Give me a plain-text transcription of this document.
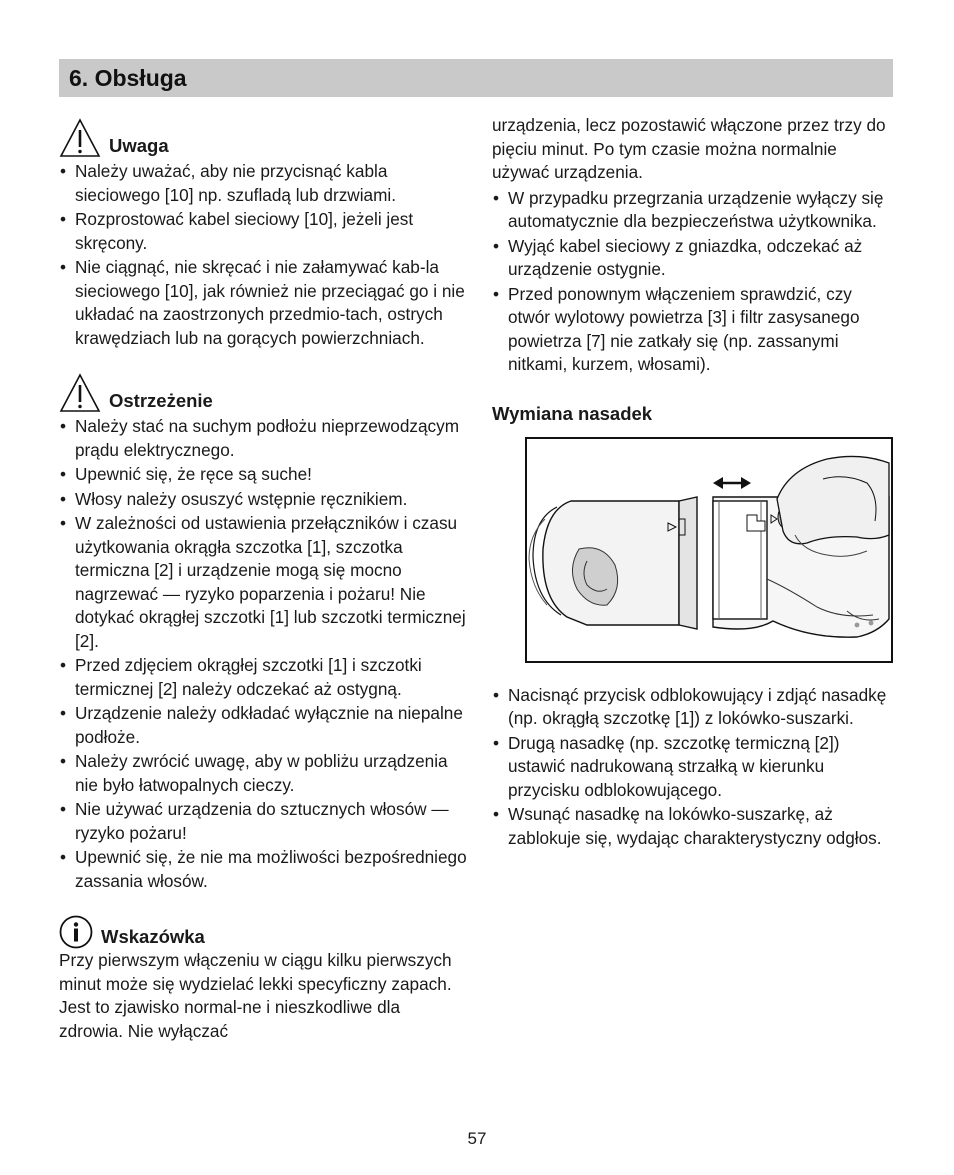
6. Obsługa
Uwaga
• Należy uważać, aby nie przycisnąć kabla sieciowego [10] np. szufladą lub drzwiami.
• Rozprostować kabel sieciowy [10], jeżeli jest skręcony.
• Nie ciągnąć, nie skręcać i nie załamywać kab-la sieciowego [10], jak również nie przeciągać go i nie układać na zaostrzonych przedmio-tach, ostrych krawędziach lub na gorących powierzchniach.
Ostrzeżenie
• Należy stać na suchym podłożu nieprzewodzącym prądu elektrycznego.
• Upewnić się, że ręce są suche!
• Włosy należy osuszyć wstępnie ręcznikiem.
• W zależności od ustawienia przełączników i czasu użytkowania okrągła szczotka [1], szczotka termiczna [2] i urządzenie mogą się mocno nagrzewać — ryzyko poparzenia i pożaru! Nie dotykać okrągłej szczotki [1] lub szczotki termicznej [2].
• Przed zdjęciem okrągłej szczotki [1] i szczotki termicznej [2] należy odczekać aż ostygną.
• Urządzenie należy odkładać wyłącznie na niepalne podłoże.
• Należy zwrócić uwagę, aby w pobliżu urządzenia nie było łatwopalnych cieczy.
• Nie używać urządzenia do sztucznych włosów — ryzyko pożaru!
• Upewnić się, że nie ma możliwości bezpośredniego zassania włosów.
Wskazówka

Przy pierwszym włączeniu w ciągu kilku pierwszych minut może się wydzielać lekki specyficzny zapach. Jest to zjawisko normal-ne i nieszkodliwe dla zdrowia. Nie wyłączać

urządzenia, lecz pozostawić włączone przez trzy do pięciu minut. Po tym czasie można normalnie używać urządzenia.

• W przypadku przegrzania urządzenie wyłączy się automatycznie dla bezpieczeństwa użytkownika.
• Wyjąć kabel sieciowy z gniazdka, odczekać aż urządzenie ostygnie.
• Przed ponownym włączeniem sprawdzić, czy otwór wylotowy powietrza [3] i filtr zasysanego powietrza [7] nie zatkały się (np. zassanymi nitkami, kurzem, włosami).
Wymiana nasadek
• Nacisnąć przycisk odblokowujący i zdjąć nasadkę (np. okrągłą szczotkę [1]) z lokówko-suszarki.
• Drugą nasadkę (np. szczotkę termiczną [2]) ustawić nadrukowaną strzałką w kierunku przycisku odblokowującego.
• Wsunąć nasadkę na lokówko-suszarkę, aż zablokuje się, wydając charakterystyczny odgłos.
57
